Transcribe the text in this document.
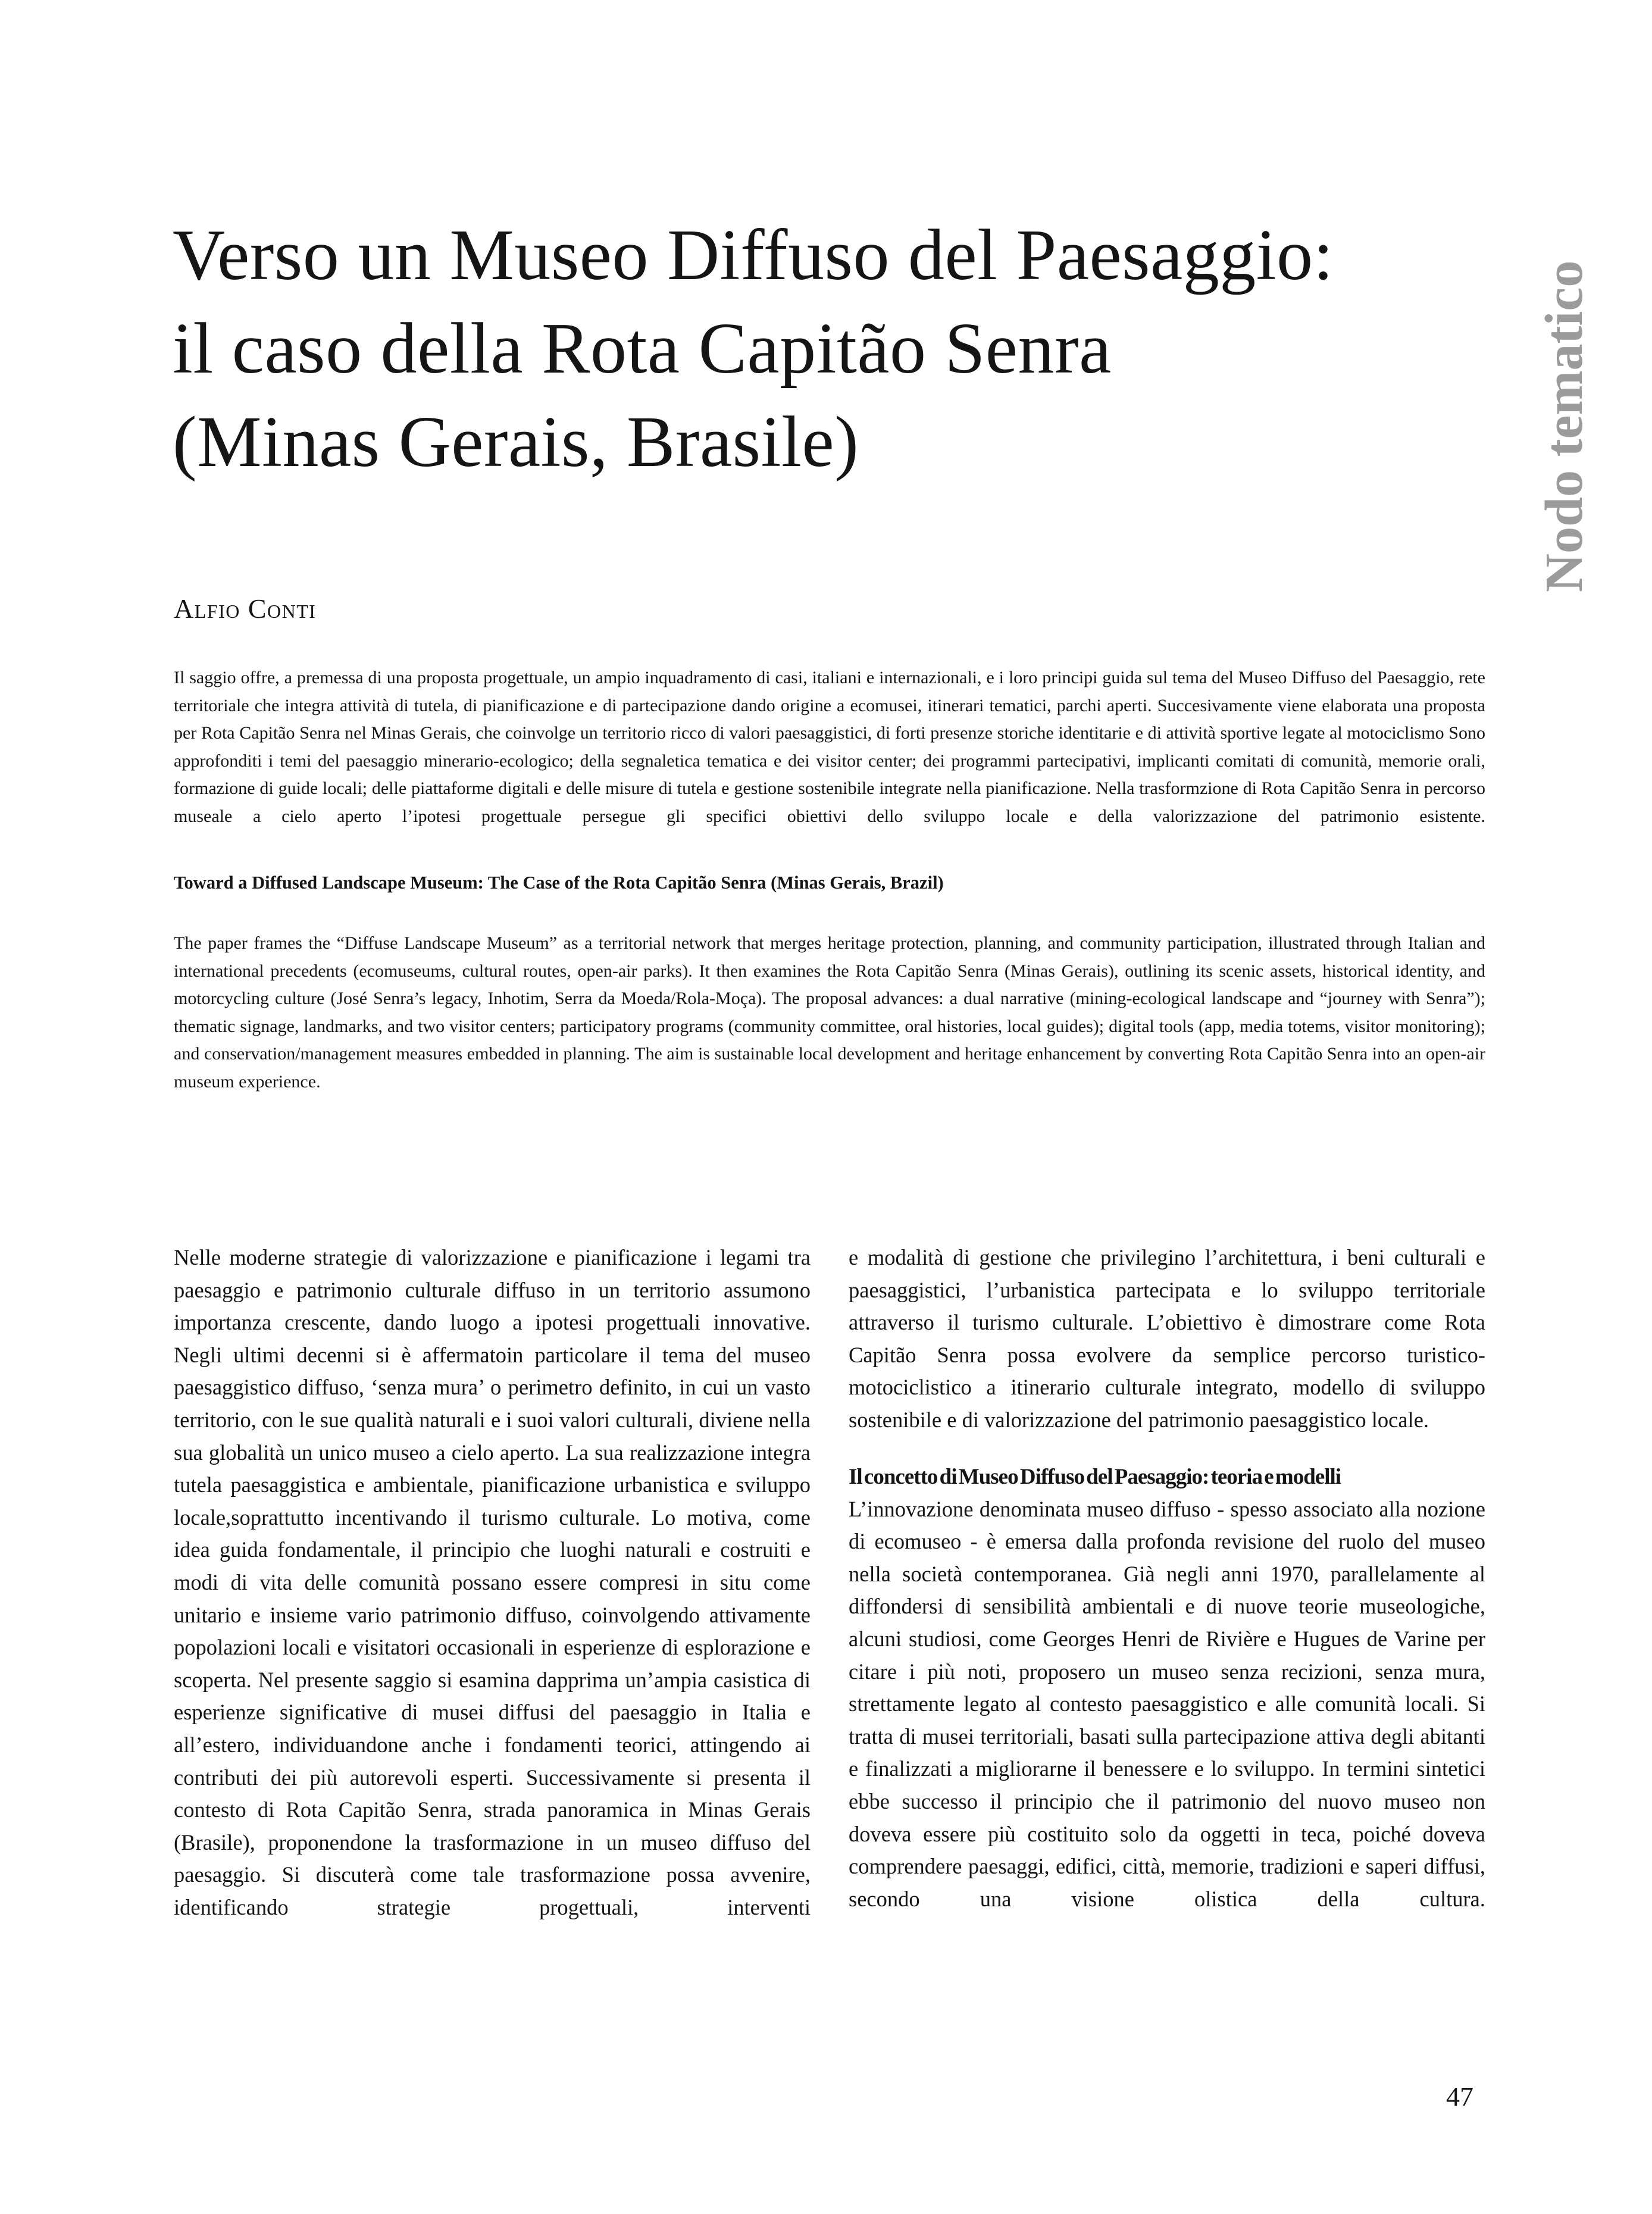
Verso un Museo Diffuso del Paesaggio:
il caso della Rota Capitão Senra
(Minas Gerais, Brasile)	Nodo tematico
Alfio Conti

Il saggio offre, a premessa di una proposta progettuale, un ampio inquadramento di casi, italiani e internazionali, e i loro principi guida sul tema del Museo Diffuso del Paesaggio, rete territoriale che integra attività di tutela, di pianificazione e di partecipazione dando origine a ecomusei, itinerari tematici, parchi aperti. Succesivamente viene elaborata una proposta per Rota Capitão Senra nel Minas Gerais, che coinvolge un territorio ricco di valori paesaggistici, di forti presenze storiche identitarie e di attività sportive legate al motociclismo Sono approfonditi i temi del paesaggio minerario-ecologico; della segnaletica tematica e dei visitor center; dei programmi partecipativi, implicanti comitati di comunità, memorie orali, formazione di guide locali; delle piattaforme digitali e delle misure di tutela e gestione sostenibile integrate nella pianificazione. Nella trasformzione di Rota Capitão Senra in percorso museale a cielo aperto l’ipotesi progettuale persegue gli specifici obiettivi dello sviluppo locale e della valorizzazione del patrimonio esistente.

Toward a Diffused Landscape Museum: The Case of the Rota Capitão Senra (Minas Gerais, Brazil)

The paper frames the “Diffuse Landscape Museum” as a territorial network that merges heritage protection, planning, and community participation, illustrated through Italian and international precedents (ecomuseums, cultural routes, open-air parks). It then examines the Rota Capitão Senra (Minas Gerais), outlining its scenic assets, historical identity, and motorcycling culture (José Senra’s legacy, Inhotim, Serra da Moeda/Rola-Moça). The proposal advances: a dual narrative (mining-ecological landscape and “journey with Senra”); thematic signage, landmarks, and two visitor centers; participatory programs (community committee, oral histories, local guides); digital tools (app, media totems, visitor monitoring); and conservation/management measures embedded in planning. The aim is sustainable local development and heritage enhancement by converting Rota Capitão Senra into an open-air museum experience.

Nelle moderne strategie di valorizzazione e pianificazione i legami tra paesaggio e patrimonio culturale diffuso in un territorio assumono importanza crescente, dando luogo a ipotesi progettuali innovative. Negli ultimi decenni si è affermatoin particolare il tema del museo paesaggistico diffuso, ‘senza mura’ o perimetro definito, in cui un vasto territorio, con le sue qualità naturali e i suoi valori culturali, diviene nella sua globalità un unico museo a cielo aperto. La sua realizzazione integra tutela paesaggistica e ambientale, pianificazione urbanistica e sviluppo locale,soprattutto incentivando il turismo culturale. Lo motiva, come idea guida fondamentale, il principio che luoghi naturali e costruiti e modi di vita delle comunità possano essere compresi in situ come unitario e insieme vario patrimonio diffuso, coinvolgendo attivamente popolazioni locali e visitatori occasionali in esperienze di esplorazione e scoperta. Nel presente saggio si esamina dapprima un’ampia casistica di esperienze significative di musei diffusi del paesaggio in Italia e all’estero, individuandone anche i fondamenti teorici, attingendo ai contributi dei più autorevoli esperti. Successivamente si presenta il contesto di Rota Capitão Senra, strada panoramica in Minas Gerais (Brasile), proponendone la trasformazione in un museo diffuso del paesaggio. Si discuterà come tale trasformazione possa avvenire, identificando strategie progettuali, interventi

e modalità di gestione che privilegino l’architettura, i beni culturali e paesaggistici, l’urbanistica partecipata e lo sviluppo territoriale attraverso il turismo culturale. L’obiettivo è dimostrare come Rota Capitão Senra possa evolvere da semplice percorso turistico-motociclistico a itinerario culturale integrato, modello di sviluppo sostenibile e di valorizzazione del patrimonio paesaggistico locale.

Il concetto di Museo Diffuso del Paesaggio: teoria e modelli

L’innovazione denominata museo diffuso - spesso associato alla nozione di ecomuseo - è emersa dalla profonda revisione del ruolo del museo nella società contemporanea. Già negli anni 1970, parallelamente al diffondersi di sensibilità ambientali e di nuove teorie museologiche, alcuni studiosi, come Georges Henri de Rivière e Hugues de Varine per citare i più noti, proposero un museo senza recizioni, senza mura, strettamente legato al contesto paesaggistico e alle comunità locali. Si tratta di musei territoriali, basati sulla partecipazione attiva degli abitanti e finalizzati a migliorarne il benessere e lo sviluppo. In termini sintetici ebbe successo il principio che il patrimonio del nuovo museo non doveva essere più costituito solo da oggetti in teca, poiché doveva comprendere paesaggi, edifici, città, memorie, tradizioni e saperi diffusi, secondo una visione olistica della cultura.

47
